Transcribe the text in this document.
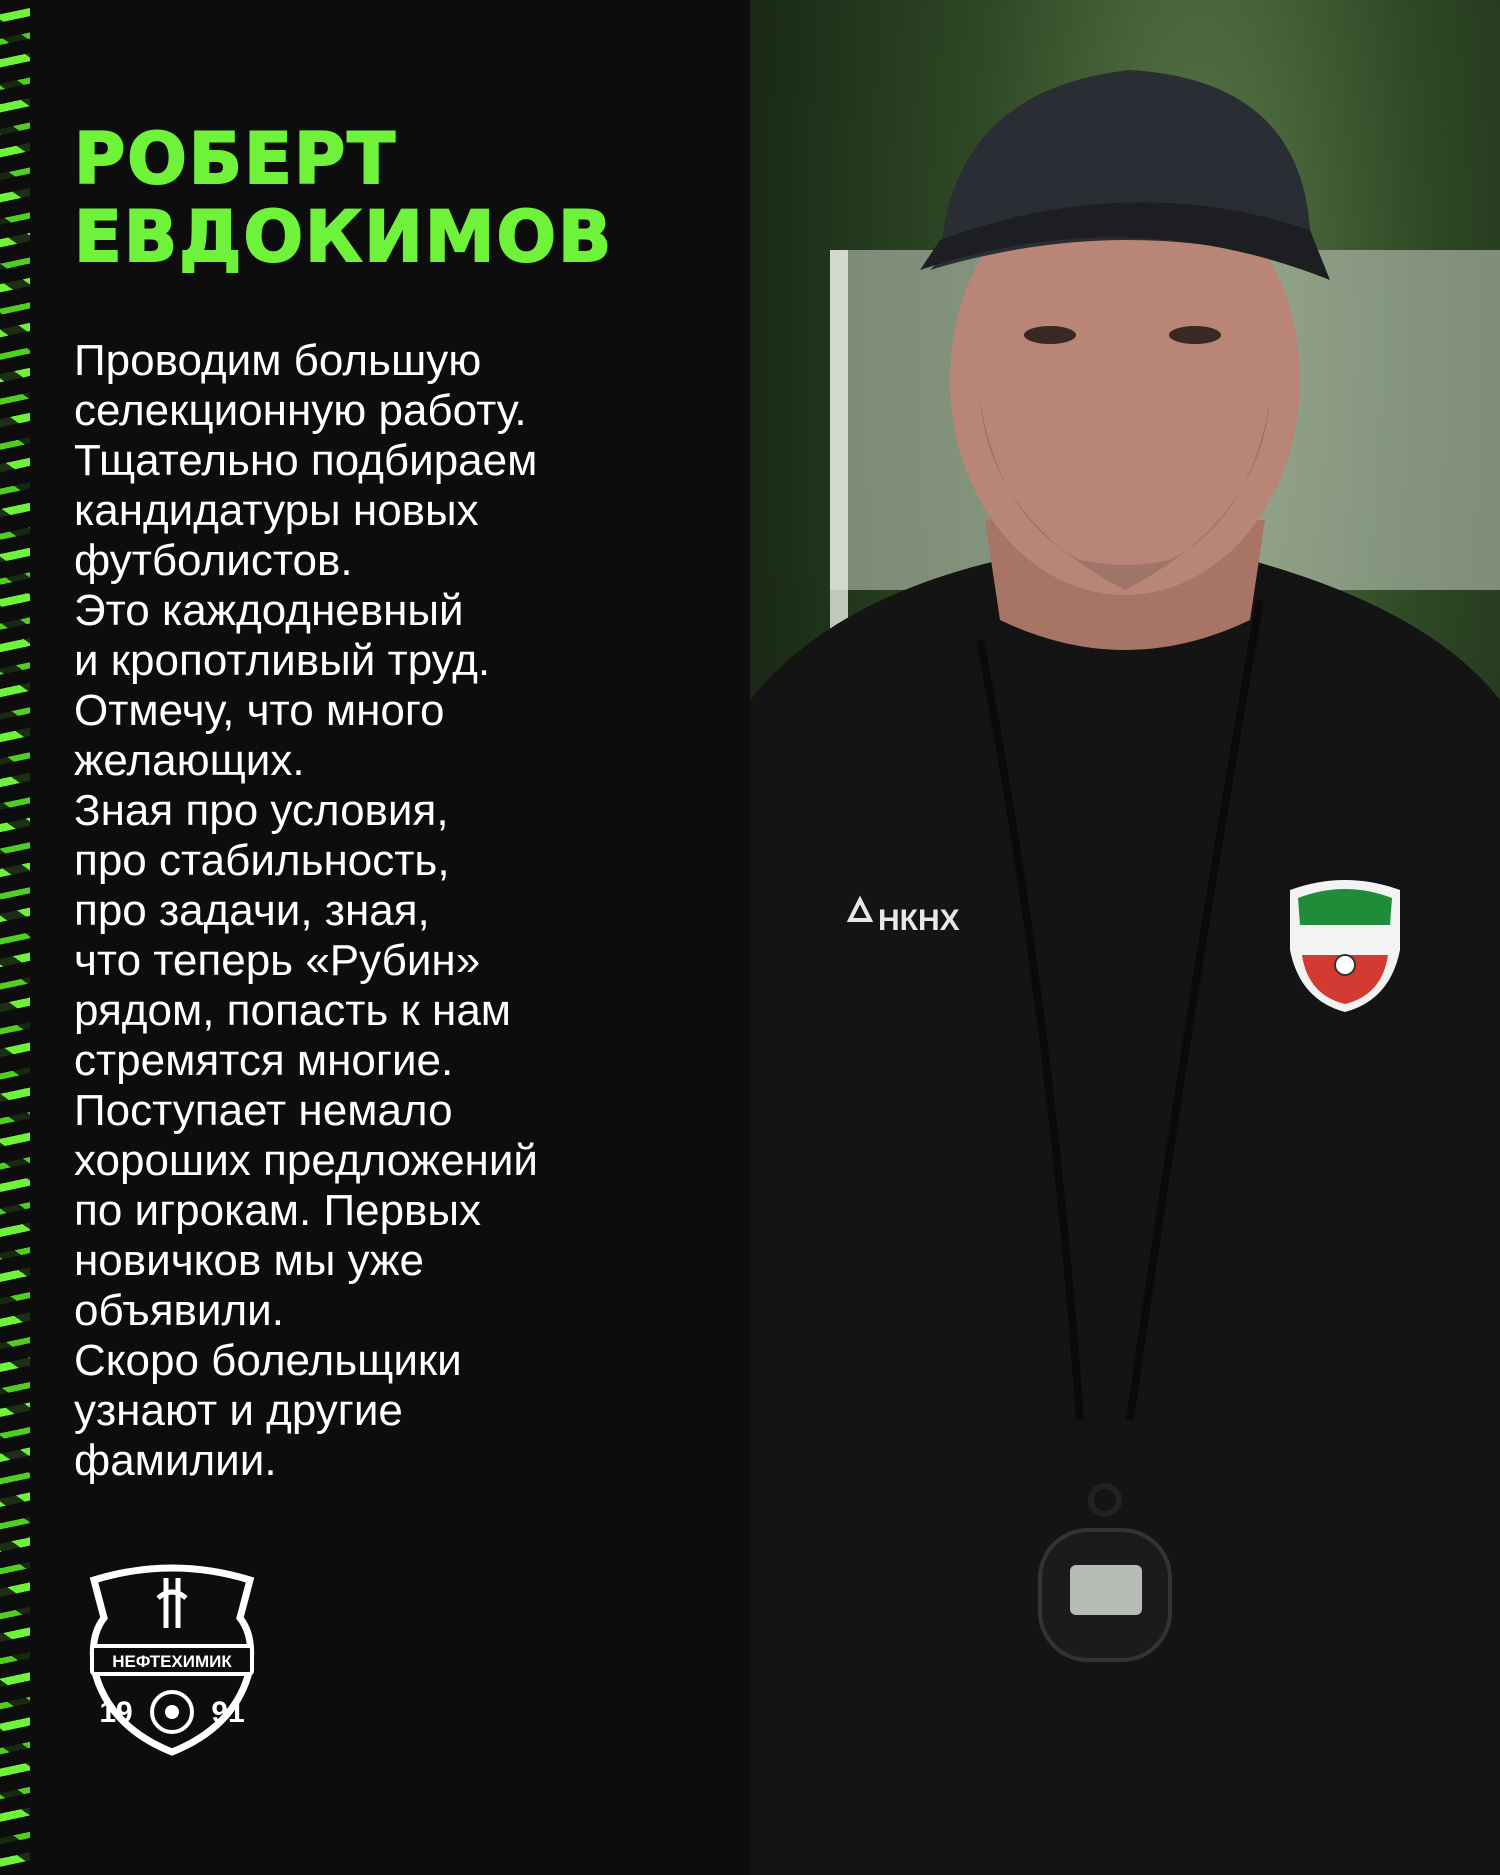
РОБЕРТ
ЕВДОКИМОВ

Проводим большую
селекционную работу.
Тщательно подбираем
кандидатуры новых
футболистов.
Это каждодневный
и кропотливый труд.
Отмечу, что много
желающих.
Зная про условия,
про стабильность,
про задачи, зная,
что теперь «Рубин»
рядом, попасть к нам
стремятся многие.
Поступает немало
хороших предложений
по игрокам. Первых
новичков мы уже
объявили.
Скоро болельщики
узнают и другие
фамилии.

НЕФТЕХИМИК
19	91
НКНХ
